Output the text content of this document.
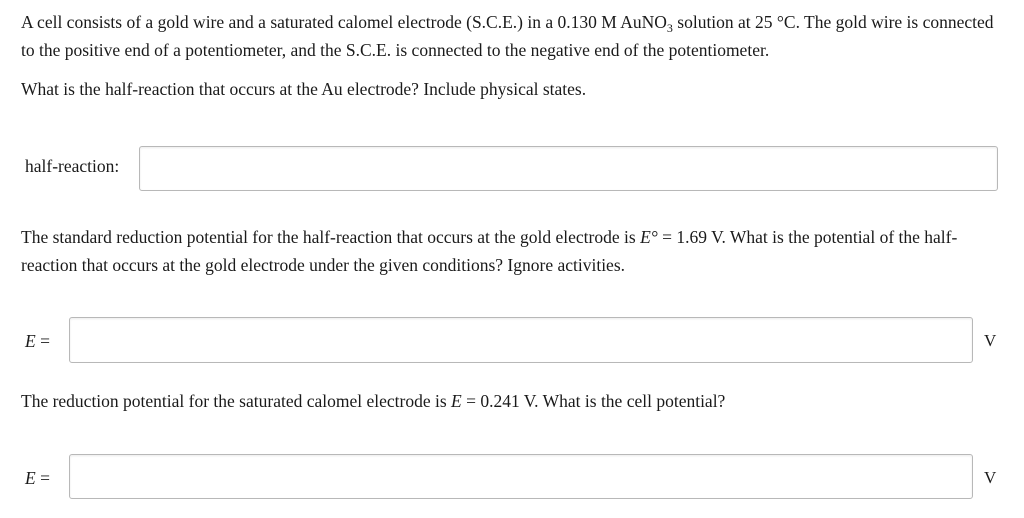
A cell consists of a gold wire and a saturated calomel electrode (S.C.E.) in a 0.130 M AuNO$_3$ solution at 25 °C. The gold wire is connected to the positive end of a potentiometer, and the S.C.E. is connected to the negative end of the potentiometer.

What is the half-reaction that occurs at the Au electrode? Include physical states.

half-reaction:

The standard reduction potential for the half-reaction that occurs at the gold electrode is E° = 1.69 V. What is the potential of the half-reaction that occurs at the gold electrode under the given conditions? Ignore activities.

E =	V

The reduction potential for the saturated calomel electrode is E = 0.241 V. What is the cell potential?

E =	V
